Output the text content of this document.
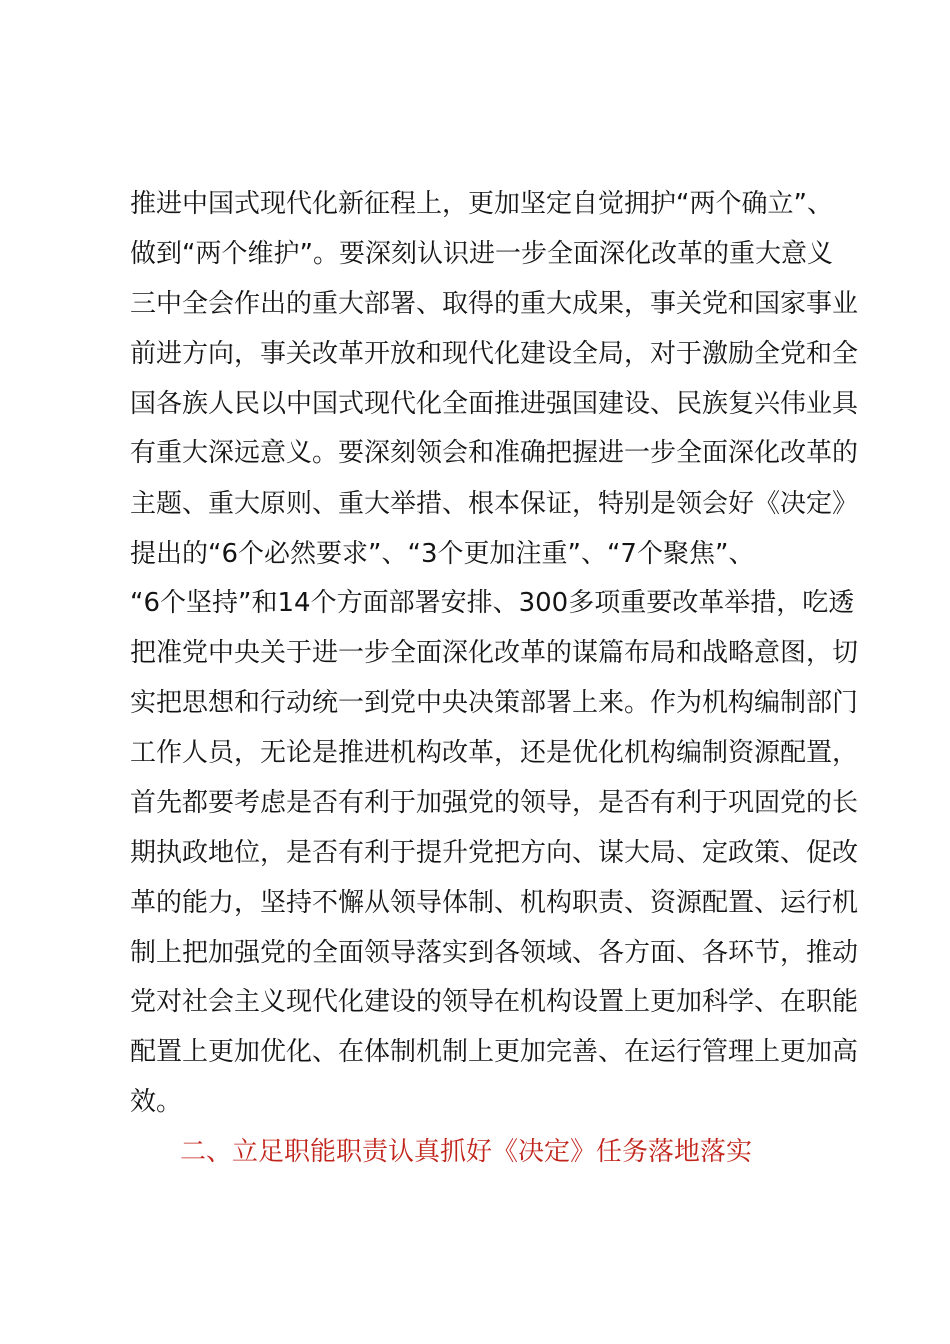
推进中国式现代化新征程上，更加坚定自觉拥护“两个确立”、
做到“两个维护”。要深刻认识进一步全面深化改革的重大意义
三中全会作出的重大部署、取得的重大成果，事关党和国家事业
前进方向，事关改革开放和现代化建设全局，对于激励全党和全
国各族人民以中国式现代化全面推进强国建设、民族复兴伟业具
有重大深远意义。要深刻领会和准确把握进一步全面深化改革的
主题、重大原则、重大举措、根本保证，特别是领会好《决定》
提出的“6个必然要求”、“3个更加注重”、“7个聚焦”、
“6个坚持”和14个方面部署安排、300多项重要改革举措，吃透
把准党中央关于进一步全面深化改革的谋篇布局和战略意图，切
实把思想和行动统一到党中央决策部署上来。作为机构编制部门
工作人员，无论是推进机构改革，还是优化机构编制资源配置，
首先都要考虑是否有利于加强党的领导，是否有利于巩固党的长
期执政地位，是否有利于提升党把方向、谋大局、定政策、促改
革的能力，坚持不懈从领导体制、机构职责、资源配置、运行机
制上把加强党的全面领导落实到各领域、各方面、各环节，推动
党对社会主义现代化建设的领导在机构设置上更加科学、在职能
配置上更加优化、在体制机制上更加完善、在运行管理上更加高
效。
二、立足职能职责认真抓好《决定》任务落地落实
